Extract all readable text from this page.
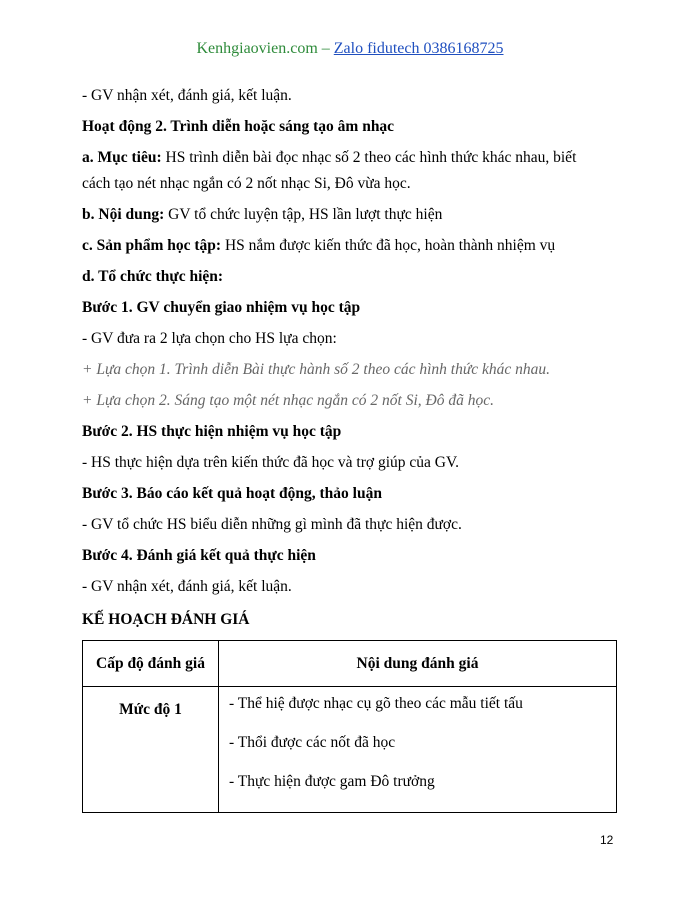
Kenhgiaovien.com – Zalo fidutech 0386168725
- GV nhận xét, đánh giá, kết luận.
Hoạt động 2. Trình diễn hoặc sáng tạo âm nhạc
a. Mục tiêu: HS trình diễn bài đọc nhạc số 2 theo các hình thức khác nhau, biết
cách tạo nét nhạc ngắn có 2 nốt nhạc Si, Đô vừa học.
b. Nội dung: GV tổ chức luyện tập, HS lần lượt thực hiện
c. Sản phẩm học tập: HS nắm được kiến thức đã học, hoàn thành nhiệm vụ
d. Tổ chức thực hiện:
Bước 1. GV chuyển giao nhiệm vụ học tập
- GV đưa ra 2 lựa chọn cho HS lựa chọn:
+ Lựa chọn 1. Trình diễn Bài thực hành số 2 theo các hình thức khác nhau.
+ Lựa chọn 2. Sáng tạo một nét nhạc ngắn có 2 nốt Si, Đô đã học.
Bước 2. HS thực hiện nhiệm vụ học tập
- HS thực hiện dựa trên kiến thức đã học và trợ giúp của GV.
Bước 3. Báo cáo kết quả hoạt động, thảo luận
- GV tổ chức HS biểu diễn những gì mình đã thực hiện được.
Bước 4. Đánh giá kết quả thực hiện
- GV nhận xét, đánh giá, kết luận.
KẾ HOẠCH ĐÁNH GIÁ
Cấp độ đánh giá	Nội dung đánh giá
Mức độ 1	- Thể hiệ được nhạc cụ gõ theo các mẫu tiết tấu
- Thổi được các nốt đã học
- Thực hiện được gam Đô trưởng
12
